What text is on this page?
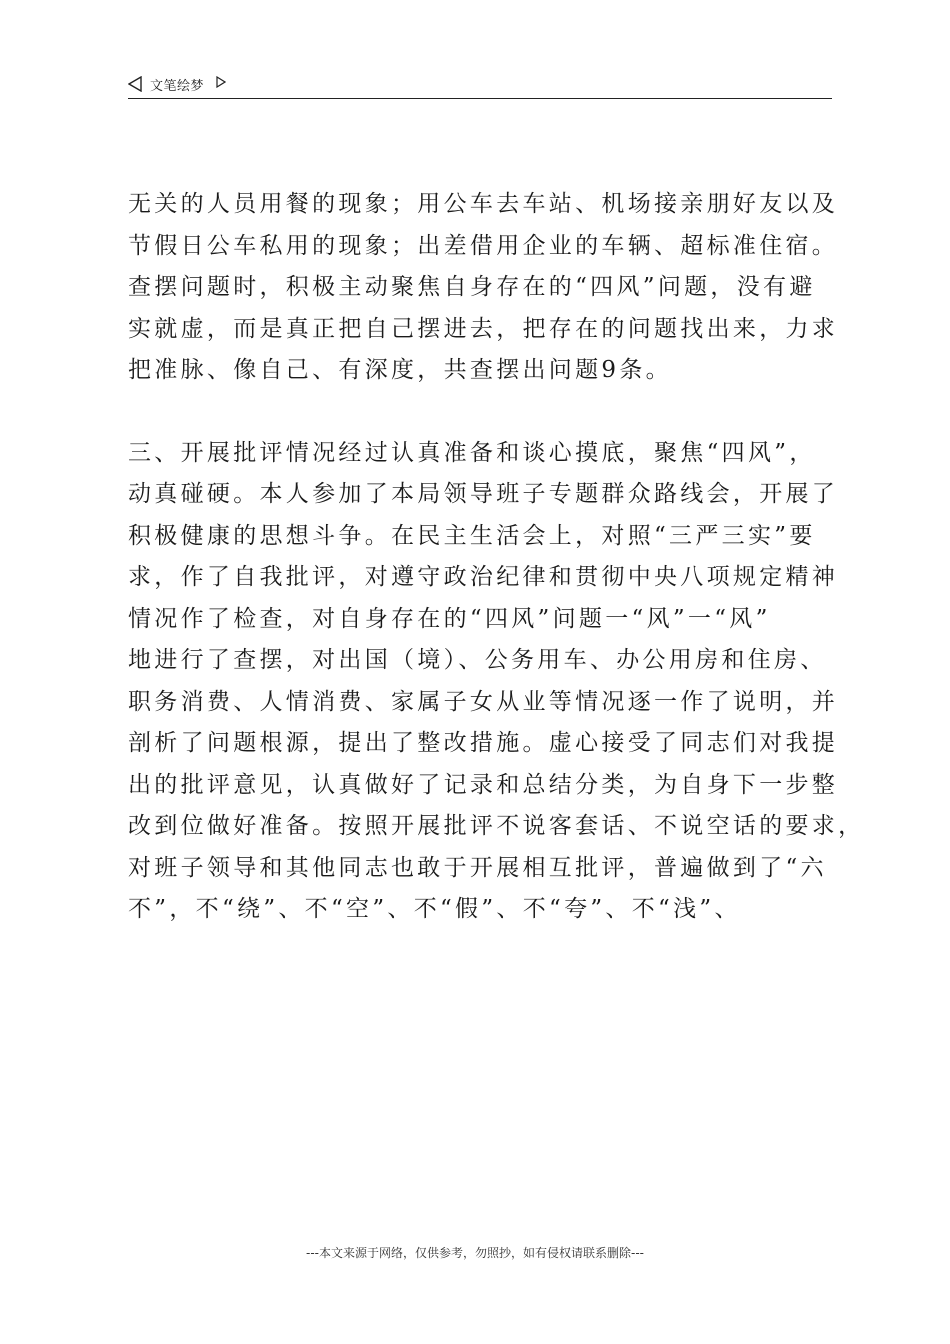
文笔绘梦
无关的人员用餐的现象；用公车去车站、机场接亲朋好友以及
节假日公车私用的现象；出差借用企业的车辆、超标准住宿。
查摆问题时，积极主动聚焦自身存在的“四风”问题，没有避
实就虚，而是真正把自己摆进去，把存在的问题找出来，力求
把准脉、像自己、有深度，共查摆出问题9条。
三、开展批评情况经过认真准备和谈心摸底，聚焦“四风”，
动真碰硬。本人参加了本局领导班子专题群众路线会，开展了
积极健康的思想斗争。在民主生活会上，对照“三严三实”要
求，作了自我批评，对遵守政治纪律和贯彻中央八项规定精神
情况作了检查，对自身存在的“四风”问题一“风”一“风”
地进行了查摆，对出国（境）、公务用车、办公用房和住房、
职务消费、人情消费、家属子女从业等情况逐一作了说明，并
剖析了问题根源，提出了整改措施。虚心接受了同志们对我提
出的批评意见，认真做好了记录和总结分类，为自身下一步整
改到位做好准备。按照开展批评不说客套话、不说空话的要求，
对班子领导和其他同志也敢于开展相互批评，普遍做到了“六
不”，不“绕”、不“空”、不“假”、不“夸”、不“浅”、
---本文来源于网络，仅供参考，勿照抄，如有侵权请联系删除---
